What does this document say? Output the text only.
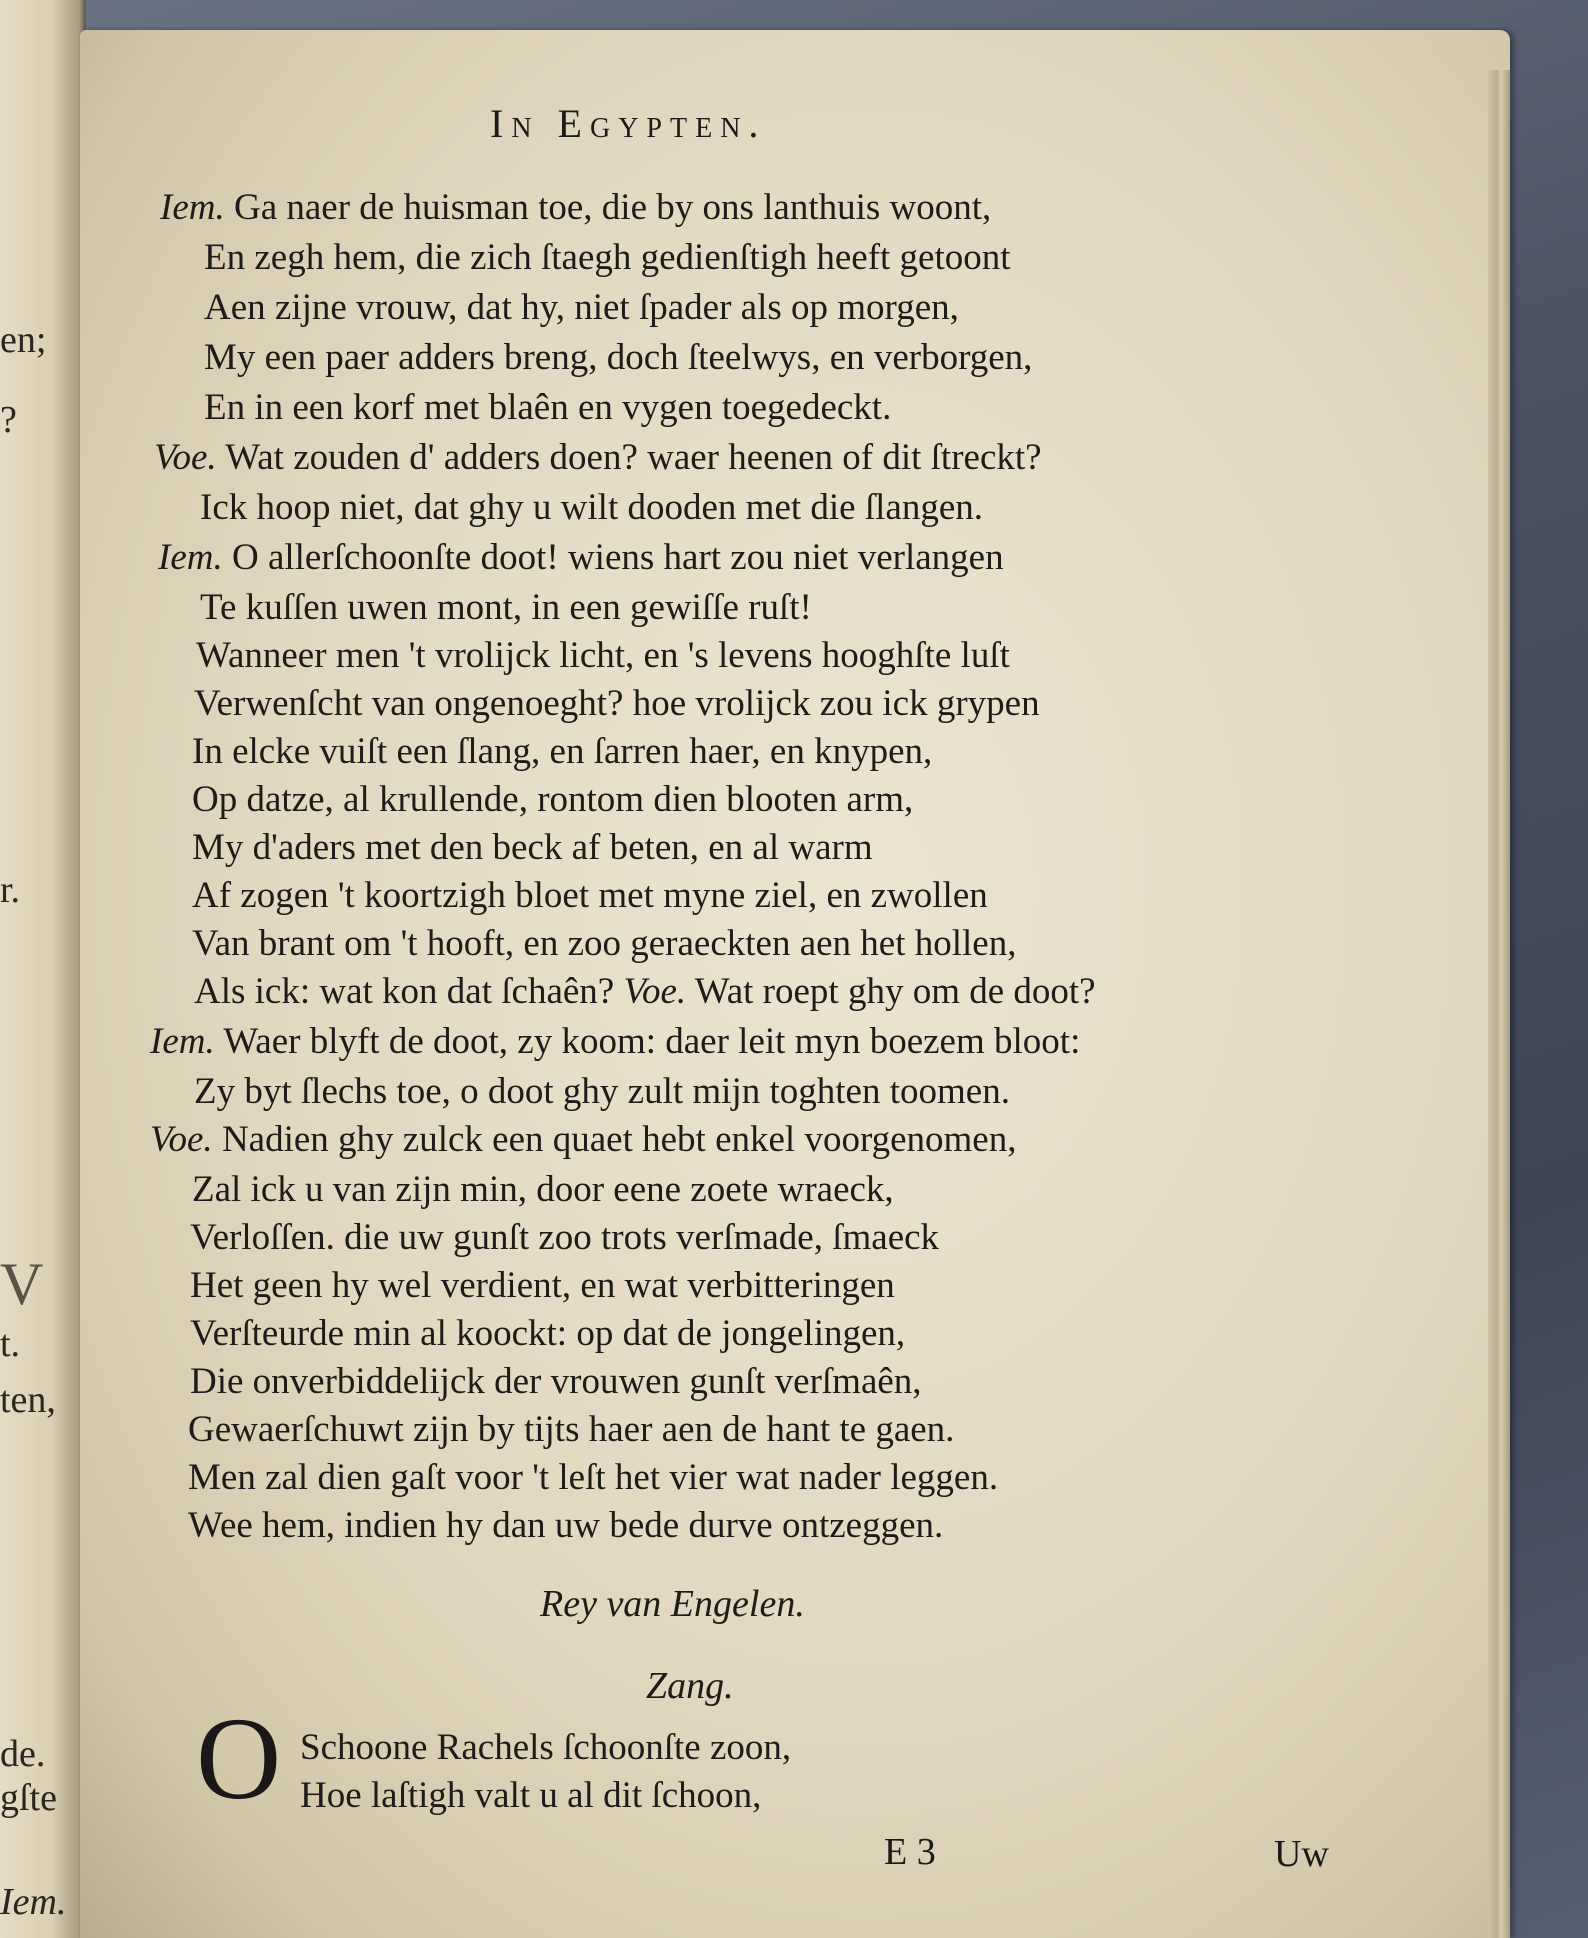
en;
?
r.
V
t.
ten,
de.
gſte
Iem.
In Egypten.
Iem. Ga naer de huisman toe, die by ons lanthuis woont,
En zegh hem, die zich ſtaegh gedienſtigh heeft getoont
Aen zijne vrouw, dat hy, niet ſpader als op morgen,
My een paer adders breng, doch ſteelwys, en verborgen,
En in een korf met blaên en vygen toegedeckt.
Voe. Wat zouden d' adders doen? waer heenen of dit ſtreckt?
Ick hoop niet, dat ghy u wilt dooden met die ſlangen.
Iem. O allerſchoonſte doot! wiens hart zou niet verlangen
Te kuſſen uwen mont, in een gewiſſe ruſt!
Wanneer men 't vrolijck licht, en 's levens hooghſte luſt
Verwenſcht van ongenoeght? hoe vrolijck zou ick grypen
In elcke vuiſt een ſlang, en ſarren haer, en knypen,
Op datze, al krullende, rontom dien blooten arm,
My d'aders met den beck af beten, en al warm
Af zogen 't koortzigh bloet met myne ziel, en zwollen
Van brant om 't hooft, en zoo geraeckten aen het hollen,
Als ick: wat kon dat ſchaên? Voe. Wat roept ghy om de doot?
Iem. Waer blyft de doot, zy koom: daer leit myn boezem bloot:
Zy byt ſlechs toe, o doot ghy zult mijn toghten toomen.
Voe. Nadien ghy zulck een quaet hebt enkel voorgenomen,
Zal ick u van zijn min, door eene zoete wraeck,
Verloſſen. die uw gunſt zoo trots verſmade, ſmaeck
Het geen hy wel verdient, en wat verbitteringen
Verſteurde min al koockt: op dat de jongelingen,
Die onverbiddelijck der vrouwen gunſt verſmaên,
Gewaerſchuwt zijn by tijts haer aen de hant te gaen.
Men zal dien gaſt voor 't leſt het vier wat nader leggen.
Wee hem, indien hy dan uw bede durve ontzeggen.
Rey van Engelen.
Zang.
O Schoone Rachels ſchoonſte zoon,
Hoe laſtigh valt u al dit ſchoon,
E 3	Uw
